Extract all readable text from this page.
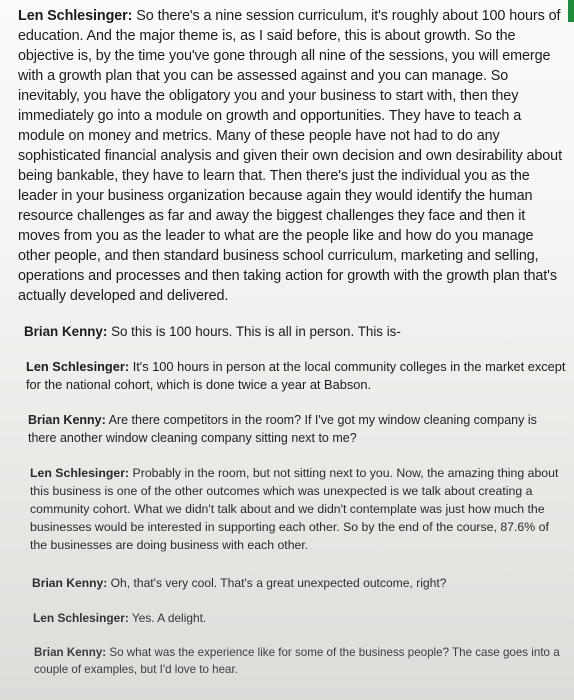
Len Schlesinger: So there's a nine session curriculum, it's roughly about 100 hours of education. And the major theme is, as I said before, this is about growth. So the objective is, by the time you've gone through all nine of the sessions, you will emerge with a growth plan that you can be assessed against and you can manage. So inevitably, you have the obligatory you and your business to start with, then they immediately go into a module on growth and opportunities. They have to teach a module on money and metrics. Many of these people have not had to do any sophisticated financial analysis and given their own decision and own desirability about being bankable, they have to learn that. Then there's just the individual you as the leader in your business organization because again they would identify the human resource challenges as far and away the biggest challenges they face and then it moves from you as the leader to what are the people like and how do you manage other people, and then standard business school curriculum, marketing and selling, operations and processes and then taking action for growth with the growth plan that's actually developed and delivered.

Brian Kenny: So this is 100 hours. This is all in person. This is-

Len Schlesinger: It's 100 hours in person at the local community colleges in the market except for the national cohort, which is done twice a year at Babson.

Brian Kenny: Are there competitors in the room? If I've got my window cleaning company is there another window cleaning company sitting next to me?

Len Schlesinger: Probably in the room, but not sitting next to you. Now, the amazing thing about this business is one of the other outcomes which was unexpected is we talk about creating a community cohort. What we didn't talk about and we didn't contemplate was just how much the businesses would be interested in supporting each other. So by the end of the course, 87.6% of the businesses are doing business with each other.

Brian Kenny: Oh, that's very cool. That's a great unexpected outcome, right?

Len Schlesinger: Yes. A delight.

Brian Kenny: So what was the experience like for some of the business people? The case goes into a couple of examples, but I'd love to hear.
